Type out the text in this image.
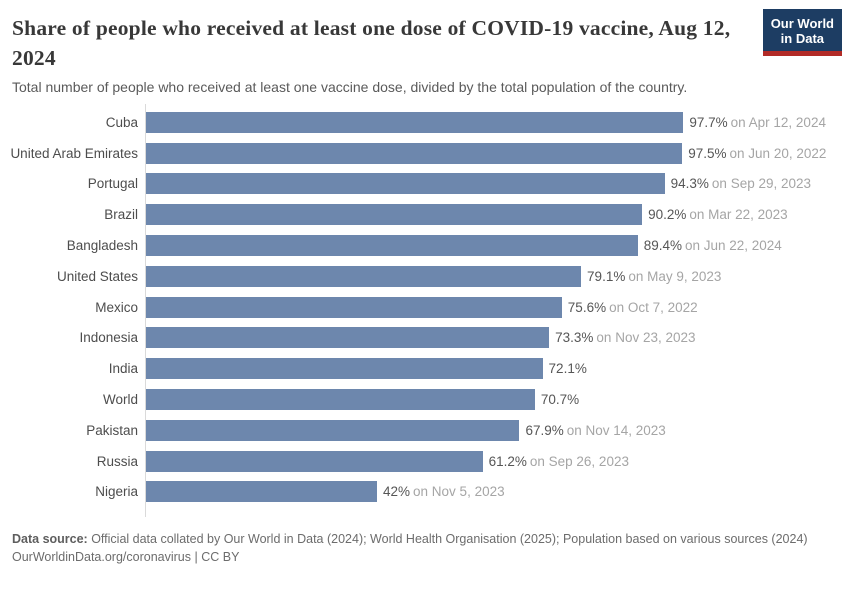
Share of people who received at least one dose of COVID-19 vaccine, Aug 12, 2024

Total number of people who received at least one vaccine dose, divided by the total population of the country.

Our World
in Data
Cuba	97.7% on Apr 12, 2024
United Arab Emirates	97.5% on Jun 20, 2022
Portugal	94.3% on Sep 29, 2023
Brazil	90.2% on Mar 22, 2023
Bangladesh	89.4% on Jun 22, 2024
United States	79.1% on May 9, 2023
Mexico	75.6% on Oct 7, 2022
Indonesia	73.3% on Nov 23, 2023
India	72.1%
World	70.7%
Pakistan	67.9% on Nov 14, 2023
Russia	61.2% on Sep 26, 2023
Nigeria	42% on Nov 5, 2023

Data source: Official data collated by Our World in Data (2024); World Health Organisation (2025); Population based on various sources (2024)

OurWorldinData.org/coronavirus | CC BY
